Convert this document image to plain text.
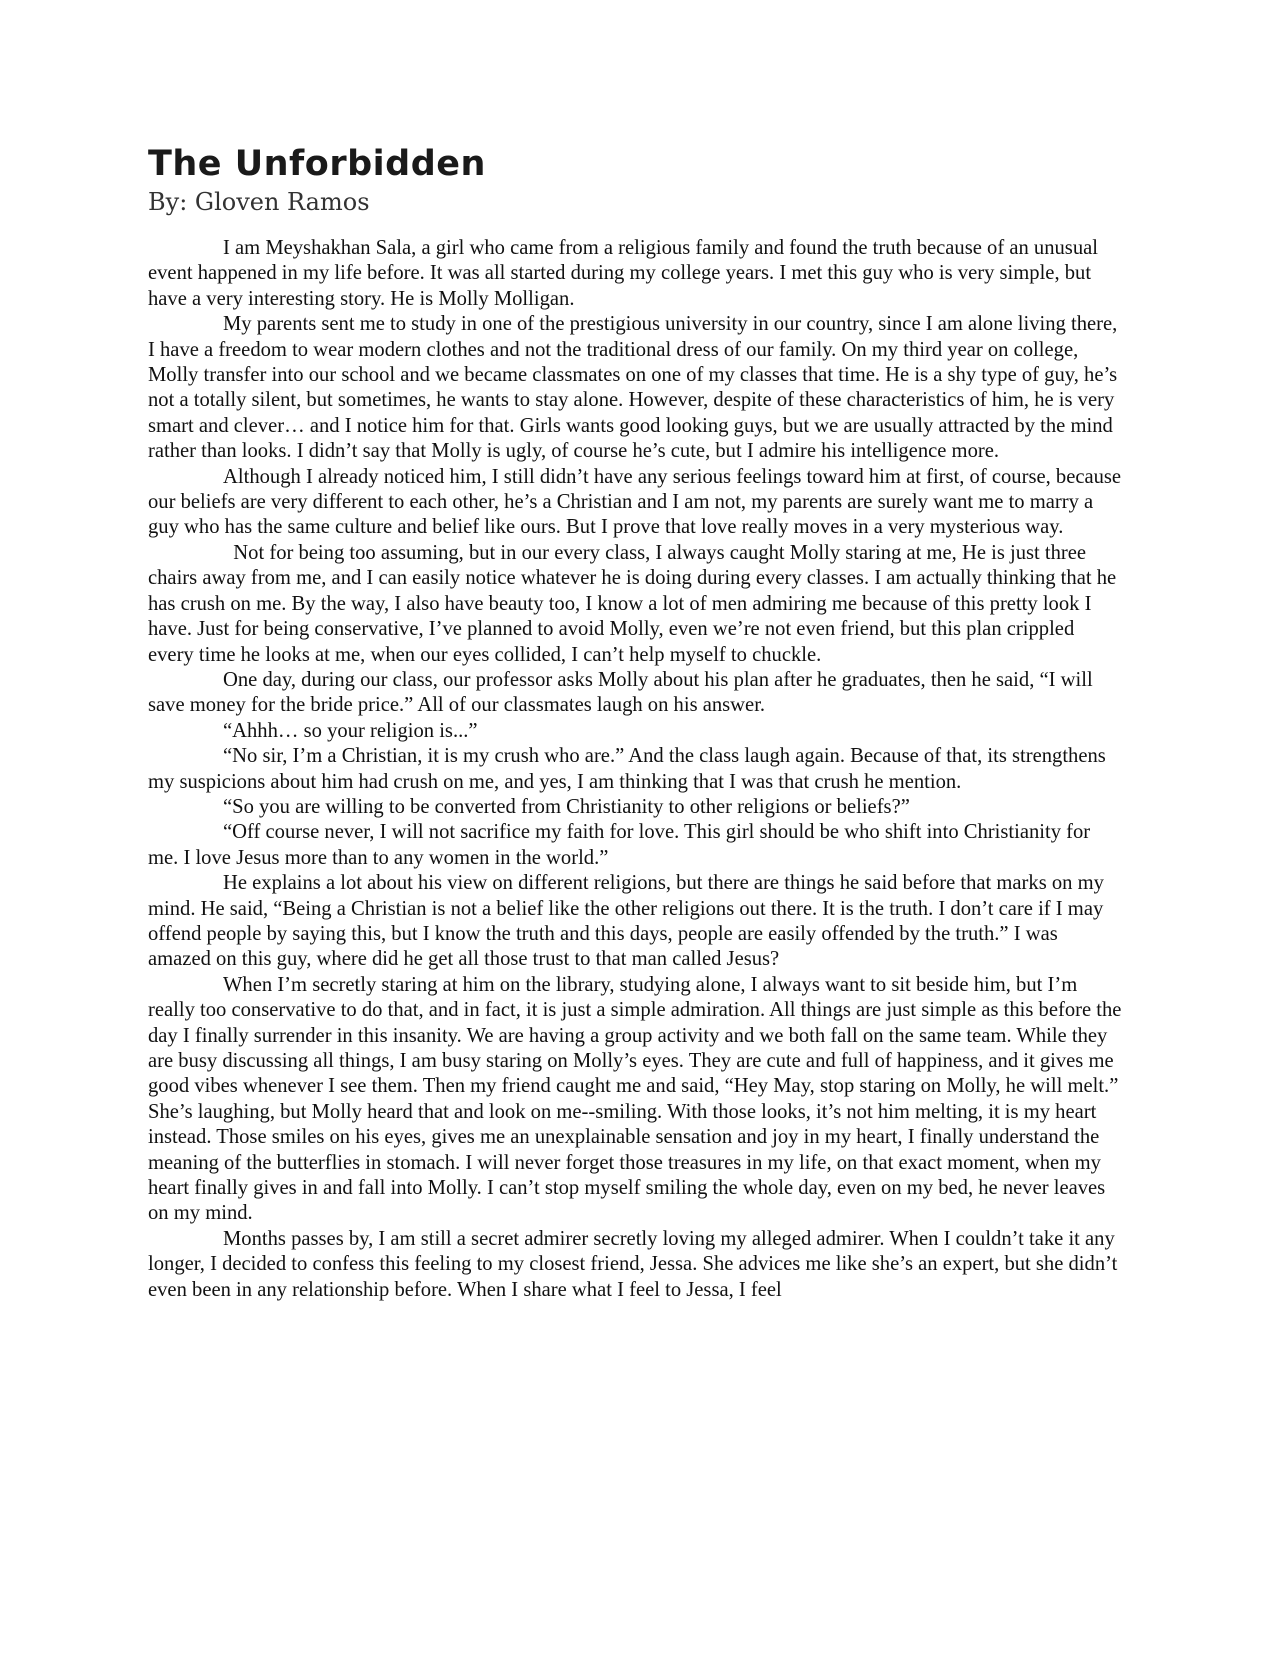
The Unforbidden
By: Gloven Ramos

I am Meyshakhan Sala, a girl who came from a religious family and found the truth because of an unusual event happened in my life before. It was all started during my college years. I met this guy who is very simple, but have a very interesting story. He is Molly Molligan.

My parents sent me to study in one of the prestigious university in our country, since I am alone living there, I have a freedom to wear modern clothes and not the traditional dress of our family. On my third year on college, Molly transfer into our school and we became classmates on one of my classes that time. He is a shy type of guy, he’s not a totally silent, but sometimes, he wants to stay alone. However, despite of these characteristics of him, he is very smart and clever… and I notice him for that. Girls wants good looking guys, but we are usually attracted by the mind rather than looks. I didn’t say that Molly is ugly, of course he’s cute, but I admire his intelligence more.

Although I already noticed him, I still didn’t have any serious feelings toward him at first, of course, because our beliefs are very different to each other, he’s a Christian and I am not, my parents are surely want me to marry a guy who has the same culture and belief like ours. But I prove that love really moves in a very mysterious way.

Not for being too assuming, but in our every class, I always caught Molly staring at me, He is just three chairs away from me, and I can easily notice whatever he is doing during every classes. I am actually thinking that he has crush on me. By the way, I also have beauty too, I know a lot of men admiring me because of this pretty look I have. Just for being conservative, I’ve planned to avoid Molly, even we’re not even friend, but this plan crippled every time he looks at me, when our eyes collided, I can’t help myself to chuckle.

One day, during our class, our professor asks Molly about his plan after he graduates, then he said, “I will save money for the bride price.” All of our classmates laugh on his answer.

“Ahhh… so your religion is...”

“No sir, I’m a Christian, it is my crush who are.” And the class laugh again. Because of that, its strengthens my suspicions about him had crush on me, and yes, I am thinking that I was that crush he mention.

“So you are willing to be converted from Christianity to other religions or beliefs?”

“Off course never, I will not sacrifice my faith for love. This girl should be who shift into Christianity for me. I love Jesus more than to any women in the world.”

He explains a lot about his view on different religions, but there are things he said before that marks on my mind. He said, “Being a Christian is not a belief like the other religions out there. It is the truth. I don’t care if I may offend people by saying this, but I know the truth and this days, people are easily offended by the truth.” I was amazed on this guy, where did he get all those trust to that man called Jesus?

When I’m secretly staring at him on the library, studying alone, I always want to sit beside him, but I’m really too conservative to do that, and in fact, it is just a simple admiration. All things are just simple as this before the day I finally surrender in this insanity. We are having a group activity and we both fall on the same team. While they are busy discussing all things, I am busy staring on Molly’s eyes. They are cute and full of happiness, and it gives me good vibes whenever I see them. Then my friend caught me and said, “Hey May, stop staring on Molly, he will melt.” She’s laughing, but Molly heard that and look on me--smiling. With those looks, it’s not him melting, it is my heart instead. Those smiles on his eyes, gives me an unexplainable sensation and joy in my heart, I finally understand the meaning of the butterflies in stomach. I will never forget those treasures in my life, on that exact moment, when my heart finally gives in and fall into Molly. I can’t stop myself smiling the whole day, even on my bed, he never leaves on my mind.

Months passes by, I am still a secret admirer secretly loving my alleged admirer. When I couldn’t take it any longer, I decided to confess this feeling to my closest friend, Jessa. She advices me like she’s an expert, but she didn’t even been in any relationship before. When I share what I feel to Jessa, I feel
